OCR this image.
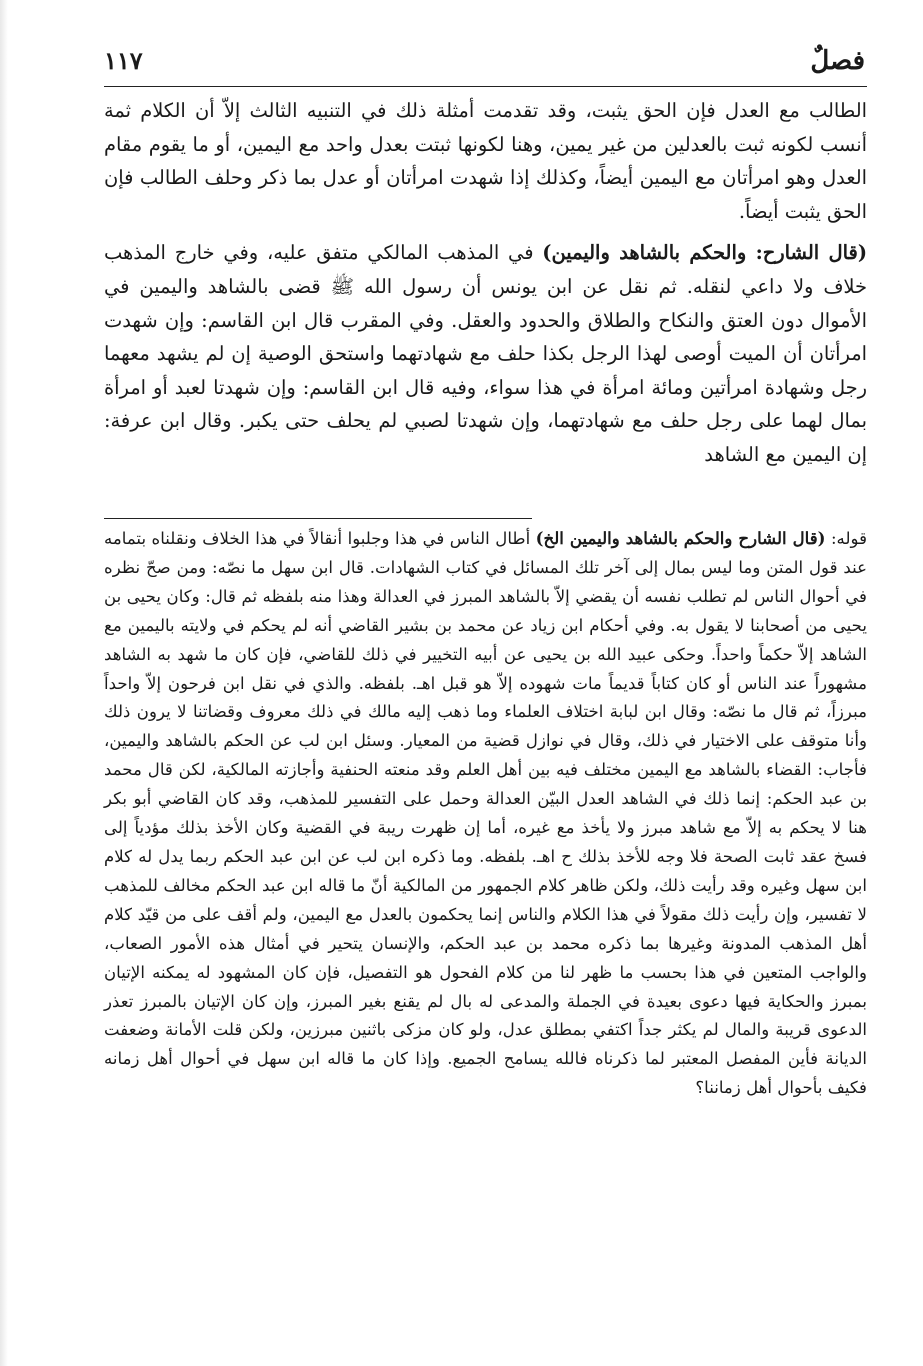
فصلٌ
١١٧

الطالب مع العدل فإن الحق يثبت، وقد تقدمت أمثلة ذلك في التنبيه الثالث إلاّ أن الكلام ثمة أنسب لكونه ثبت بالعدلين من غير يمين، وهنا لكونها ثبتت بعدل واحد مع اليمين، أو ما يقوم مقام العدل وهو امرأتان مع اليمين أيضاً، وكذلك إذا شهدت امرأتان أو عدل بما ذكر وحلف الطالب فإن الحق يثبت أيضاً.

(قال الشارح: والحكم بالشاهد واليمين) في المذهب المالكي متفق عليه، وفي خارج المذهب خلاف ولا داعي لنقله. ثم نقل عن ابن يونس أن رسول الله ﷺ قضى بالشاهد واليمين في الأموال دون العتق والنكاح والطلاق والحدود والعقل. وفي المقرب قال ابن القاسم: وإن شهدت امرأتان أن الميت أوصى لهذا الرجل بكذا حلف مع شهادتهما واستحق الوصية إن لم يشهد معهما رجل وشهادة امرأتين ومائة امرأة في هذا سواء، وفيه قال ابن القاسم: وإن شهدتا لعبد أو امرأة بمال لهما على رجل حلف مع شهادتهما، وإن شهدتا لصبي لم يحلف حتى يكبر. وقال ابن عرفة: إن اليمين مع الشاهد

قوله: (قال الشارح والحكم بالشاهد واليمين الخ) أطال الناس في هذا وجلبوا أنقالاً في هذا الخلاف ونقلناه بتمامه عند قول المتن وما ليس بمال إلى آخر تلك المسائل في كتاب الشهادات. قال ابن سهل ما نصّه: ومن صحّ نظره في أحوال الناس لم تطلب نفسه أن يقضي إلاّ بالشاهد المبرز في العدالة وهذا منه بلفظه ثم قال: وكان يحيى بن يحيى من أصحابنا لا يقول به. وفي أحكام ابن زياد عن محمد بن بشير القاضي أنه لم يحكم في ولايته باليمين مع الشاهد إلاّ حكماً واحداً. وحكى عبيد الله بن يحيى عن أبيه التخيير في ذلك للقاضي، فإن كان ما شهد به الشاهد مشهوراً عند الناس أو كان كتاباً قديماً مات شهوده إلاّ هو قبل اهـ. بلفظه. والذي في نقل ابن فرحون إلاّ واحداً مبرزاً، ثم قال ما نصّه: وقال ابن لبابة اختلاف العلماء وما ذهب إليه مالك في ذلك معروف وقضاتنا لا يرون ذلك وأنا متوقف على الاختيار في ذلك، وقال في نوازل قضية من المعيار. وسئل ابن لب عن الحكم بالشاهد واليمين، فأجاب: القضاء بالشاهد مع اليمين مختلف فيه بين أهل العلم وقد منعته الحنفية وأجازته المالكية، لكن قال محمد بن عبد الحكم: إنما ذلك في الشاهد العدل البيّن العدالة وحمل على التفسير للمذهب، وقد كان القاضي أبو بكر هنا لا يحكم به إلاّ مع شاهد مبرز ولا يأخذ مع غيره، أما إن ظهرت ريبة في القضية وكان الأخذ بذلك مؤدياً إلى فسخ عقد ثابت الصحة فلا وجه للأخذ بذلك ح اهـ. بلفظه. وما ذكره ابن لب عن ابن عبد الحكم ربما يدل له كلام ابن سهل وغيره وقد رأيت ذلك، ولكن ظاهر كلام الجمهور من المالكية أنّ ما قاله ابن عبد الحكم مخالف للمذهب لا تفسير، وإن رأيت ذلك مقولاً في هذا الكلام والناس إنما يحكمون بالعدل مع اليمين، ولم أقف على من قيّد كلام أهل المذهب المدونة وغيرها بما ذكره محمد بن عبد الحكم، والإنسان يتحير في أمثال هذه الأمور الصعاب، والواجب المتعين في هذا بحسب ما ظهر لنا من كلام الفحول هو التفصيل، فإن كان المشهود له يمكنه الإتيان بمبرز والحكاية فيها دعوى بعيدة في الجملة والمدعى له بال لم يقنع بغير المبرز، وإن كان الإتيان بالمبرز تعذر الدعوى قريبة والمال لم يكثر جداً اكتفي بمطلق عدل، ولو كان مزكى باثنين مبرزين، ولكن قلت الأمانة وضعفت الديانة فأين المفصل المعتبر لما ذكرناه فالله يسامح الجميع. وإذا كان ما قاله ابن سهل في أحوال أهل زمانه فكيف بأحوال أهل زماننا؟
